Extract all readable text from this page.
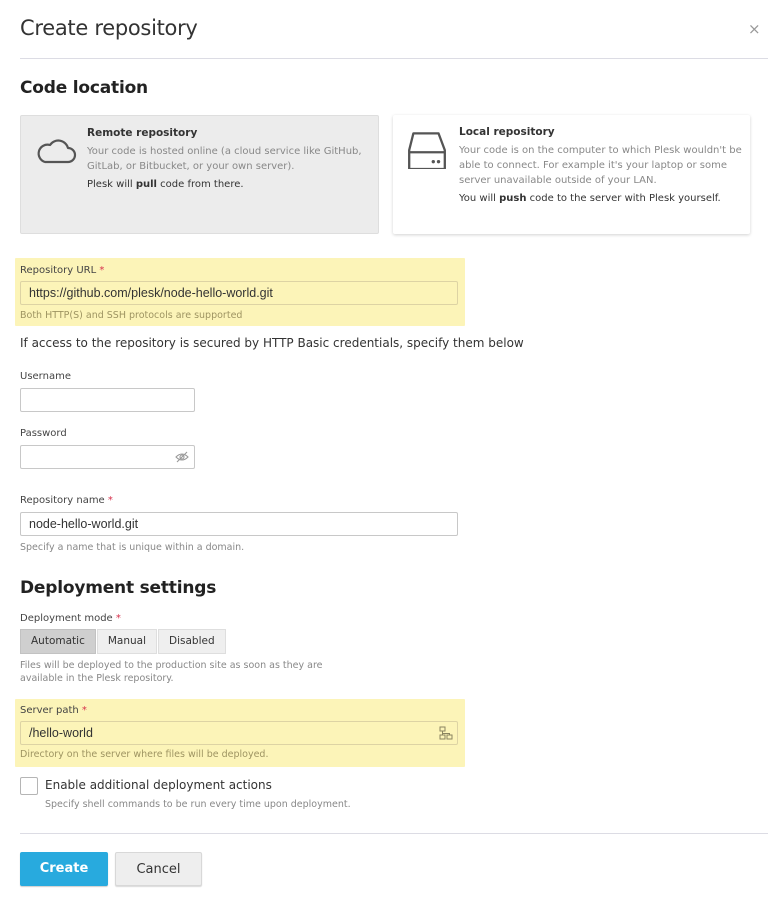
Create repository	×
Code location
Remote repository
Your code is hosted online (a cloud service like GitHub, GitLab, or Bitbucket, or your own server).
Plesk will pull code from there.
Local repository
Your code is on the computer to which Plesk wouldn't be able to connect. For example it's your laptop or some server unavailable outside of your LAN.
You will push code to the server with Plesk yourself.
Repository URL *
https://github.com/plesk/node-hello-world.git
Both HTTP(S) and SSH protocols are supported
If access to the repository is secured by HTTP Basic credentials, specify them below
Username
Password
Repository name *
node-hello-world.git
Specify a name that is unique within a domain.
Deployment settings
Deployment mode *
Automatic	Manual	Disabled
Files will be deployed to the production site as soon as they are
available in the Plesk repository.
Server path *
/hello-world
Directory on the server where files will be deployed.
Enable additional deployment actions
Specify shell commands to be run every time upon deployment.
Create	Cancel
